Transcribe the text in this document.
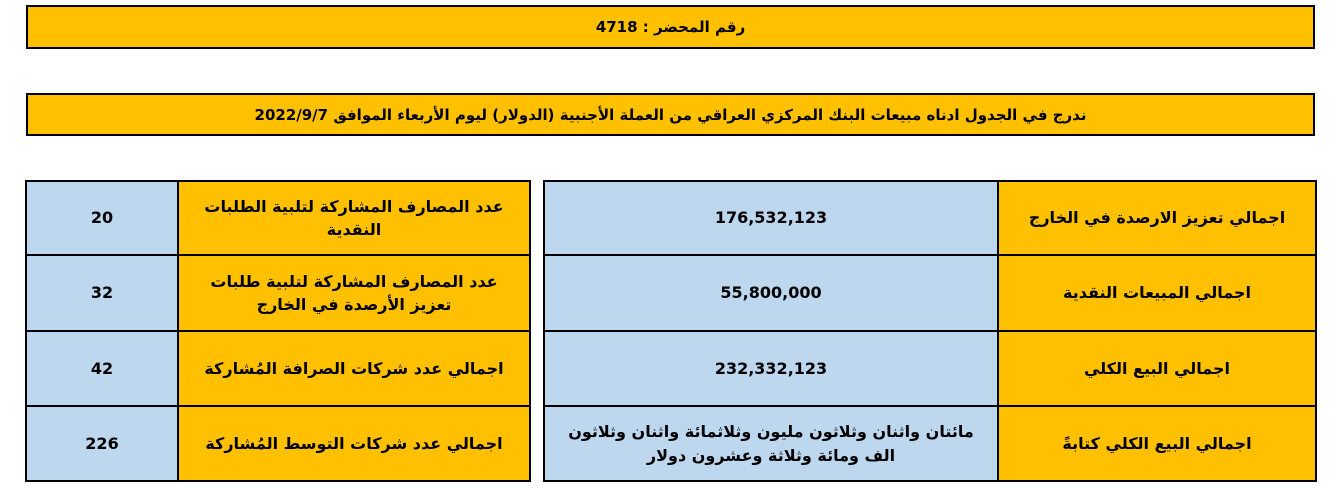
رقم المحضر : 4718
ندرج في الجدول ادناه مبيعات البنك المركزي العراقي من العملة الأجنبية (الدولار) ليوم الأربعاء الموافق 2022/9/7
اجمالي تعزيز الارصدة في الخارج	176,532,123
اجمالي المبيعات النقدية	55,800,000
اجمالي البيع الكلي	232,332,123
اجمالي البيع الكلي كتابةً	مائتان واثنان وثلاثون مليون وثلاثمائة واثنان وثلاثون الف ومائة وثلاثة وعشرون دولار
عدد المصارف المشاركة لتلبية الطلبات النقدية	20
عدد المصارف المشاركة لتلبية طلبات تعزيز الأرصدة في الخارج	32
اجمالي عدد شركات الصرافة المُشاركة	42
اجمالي عدد شركات التوسط المُشاركة	226
